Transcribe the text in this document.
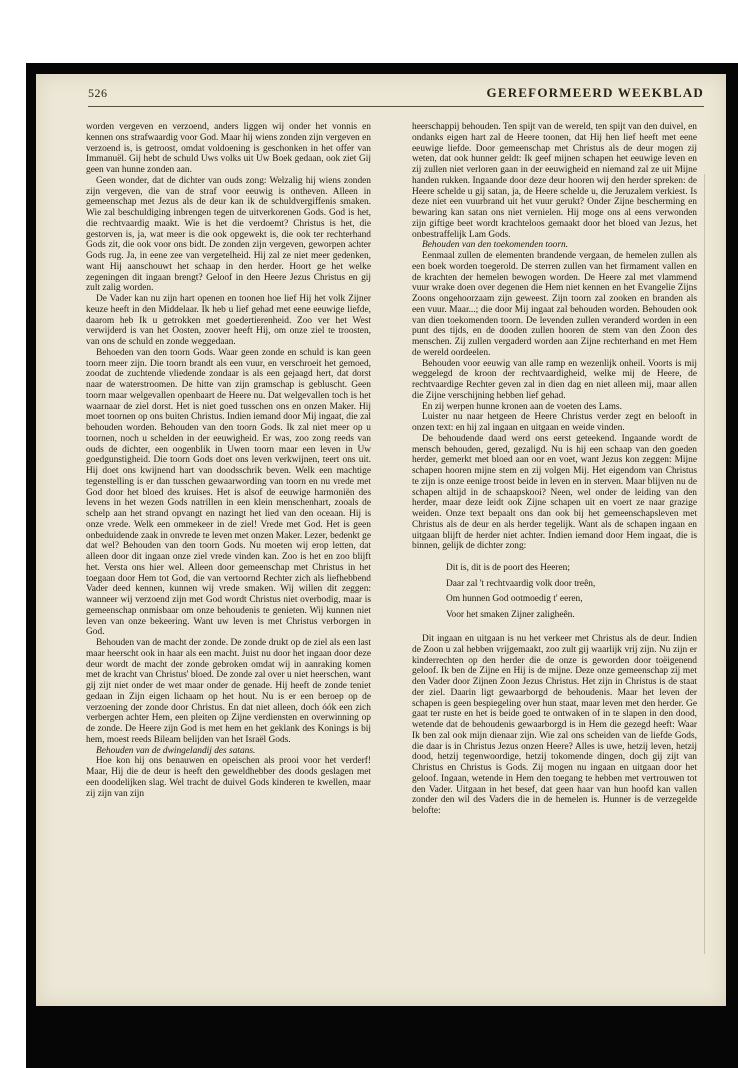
526	GEREFORMEERD WEEKBLAD

worden vergeven en verzoend, anders liggen wij onder het vonnis en kennen ons strafwaardig voor God. Maar hij wiens zonden zijn vergeven en verzoend is, is getroost, omdat voldoening is geschonken in het offer van Immanuël. Gij hebt de schuld Uws volks uit Uw Boek gedaan, ook ziet Gij geen van hunne zonden aan.

Geen wonder, dat de dichter van ouds zong: Welzalig hij wiens zonden zijn vergeven, die van de straf voor eeuwig is ontheven. Alleen in gemeenschap met Jezus als de deur kan ik de schuldvergiffenis smaken. Wie zal beschuldiging inbrengen tegen de uitverkorenen Gods. God is het, die rechtvaardig maakt. Wie is het die verdoemt? Christus is het, die gestorven is, ja, wat meer is die ook opgewekt is, die ook ter rechterhand Gods zit, die ook voor ons bidt. De zonden zijn vergeven, geworpen achter Gods rug. Ja, in eene zee van vergetelheid. Hij zal ze niet meer gedenken, want Hij aanschouwt het schaap in den herder. Hoort ge het welke zegeningen dit ingaan brengt? Geloof in den Heere Jezus Christus en gij zult zalig worden.

De Vader kan nu zijn hart openen en toonen hoe lief Hij het volk Zijner keuze heeft in den Middelaar. Ik heb u lief gehad met eene eeuwige liefde, daarom heb Ik u getrokken met goedertierenheid. Zoo ver het West verwijderd is van het Oosten, zoover heeft Hij, om onze ziel te troosten, van ons de schuld en zonde weggedaan.

Behoeden van den toorn Gods. Waar geen zonde en schuld is kan geen toorn meer zijn. Die toorn brandt als een vuur, en verschroeit het gemoed, zoodat de zuchtende vliedende zondaar is als een gejaagd hert, dat dorst naar de waterstroomen. De hitte van zijn gramschap is gebluscht. Geen toorn maar welgevallen openbaart de Heere nu. Dat welgevallen toch is het waarnaar de ziel dorst. Het is niet goed tusschen ons en onzen Maker. Hij moet toornen op ons buiten Christus. Indien iemand door Mij ingaat, die zal behouden worden. Behouden van den toorn Gods. Ik zal niet meer op u toornen, noch u schelden in der eeuwigheid. Er was, zoo zong reeds van ouds de dichter, een oogenblik in Uwen toorn maar een leven in Uw goedgunstigheid. Die toorn Gods doet ons leven verkwijnen, teert ons uit. Hij doet ons kwijnend hart van doodsschrik beven. Welk een machtige tegenstelling is er dan tusschen gewaarwording van toorn en nu vrede met God door het bloed des kruises. Het is alsof de eeuwige harmoniën des levens in het wezen Gods natrillen in een klein menschenhart, zooals de schelp aan het strand opvangt en nazingt het lied van den oceaan. Hij is onze vrede. Welk een ommekeer in de ziel! Vrede met God. Het is geen onbeduidende zaak in onvrede te leven met onzen Maker. Lezer, bedenkt ge dat wel? Behouden van den toorn Gods. Nu moeten wij erop letten, dat alleen door dit ingaan onze ziel vrede vinden kan. Zoo is het en zoo blijft het. Versta ons hier wel. Alleen door gemeenschap met Christus in het toegaan door Hem tot God, die van vertoornd Rechter zich als liefhebbend Vader deed kennen, kunnen wij vrede smaken. Wij willen dit zeggen: wanneer wij verzoend zijn met God wordt Christus niet overbodig, maar is gemeenschap onmisbaar om onze behoudenis te genieten. Wij kunnen niet leven van onze bekeering. Want uw leven is met Christus verborgen in God.

Behouden van de macht der zonde. De zonde drukt op de ziel als een last maar heerscht ook in haar als een macht. Juist nu door het ingaan door deze deur wordt de macht der zonde gebroken omdat wij in aanraking komen met de kracht van Christus' bloed. De zonde zal over u niet heerschen, want gij zijt niet onder de wet maar onder de genade. Hij heeft de zonde teniet gedaan in Zijn eigen lichaam op het hout. Nu is er een beroep op de verzoening der zonde door Christus. En dat niet alleen, doch óók een zich verbergen achter Hem, een pleiten op Zijne verdiensten en overwinning op de zonde. De Heere zijn God is met hem en het geklank des Konings is bij hem, moest reeds Bileam belijden van het Israël Gods.

Behouden van de dwingelandij des satans.

Hoe kon hij ons benauwen en opeischen als prooi voor het verderf! Maar, Hij die de deur is heeft den geweldhebber des doods geslagen met een doodelijken slag. Wel tracht de duivel Gods kinderen te kwellen, maar zij zijn van zijn

heerschappij behouden. Ten spijt van de wereld, ten spijt van den duivel, en ondanks eigen hart zal de Heere toonen, dat Hij hen lief heeft met eene eeuwige liefde. Door gemeenschap met Christus als de deur mogen zij weten, dat ook hunner geldt: Ik geef mijnen schapen het eeuwige leven en zij zullen niet verloren gaan in der eeuwigheid en niemand zal ze uit Mijne handen rukken. Ingaande door deze deur hooren wij den herder spreken: de Heere schelde u gij satan, ja, de Heere schelde u, die Jeruzalem verkiest. Is deze niet een vuurbrand uit het vuur gerukt? Onder Zijne bescherming en bewaring kan satan ons niet vernielen. Hij moge ons al eens verwonden zijn giftige beet wordt krachteloos gemaakt door het bloed van Jezus, het onbestraffelijk Lam Gods.

Behouden van den toekomenden toorn.

Eenmaal zullen de elementen brandende vergaan, de hemelen zullen als een boek worden toegerold. De sterren zullen van het firmament vallen en de krachten der hemelen bewogen worden. De Heere zal met vlammend vuur wrake doen over degenen die Hem niet kennen en het Evangelie Zijns Zoons ongehoorzaam zijn geweest. Zijn toorn zal zooken en branden als een vuur. Maar...; die door Mij ingaat zal behouden worden. Behouden ook van dien toekomenden toorn. De levenden zullen veranderd worden in een punt des tijds, en de dooden zullen hooren de stem van den Zoon des menschen. Zij zullen vergaderd worden aan Zijne rechterhand en met Hem de wereld oordeelen.

Behouden voor eeuwig van alle ramp en wezenlijk onheil. Voorts is mij weggelegd de kroon der rechtvaardigheid, welke mij de Heere, de rechtvaardige Rechter geven zal in dien dag en niet alleen mij, maar allen die Zijne verschijning hebben lief gehad.

En zij werpen hunne kronen aan de voeten des Lams.

Luister nu naar hetgeen de Heere Christus verder zegt en belooft in onzen text: en hij zal ingaan en uitgaan en weide vinden.

De behoudende daad werd ons eerst geteekend. Ingaande wordt de mensch behouden, gered, gezaligd. Nu is hij een schaap van den goeden herder, gemerkt met bloed aan oor en voet, want Jezus kon zeggen: Mijne schapen hooren mijne stem en zij volgen Mij. Het eigendom van Christus te zijn is onze eenige troost beide in leven en in sterven. Maar blijven nu de schapen altijd in de schaapskooi? Neen, wel onder de leiding van den herder, maar deze leidt ook Zijne schapen uit en voert ze naar grazige weiden. Onze text bepaalt ons dan ook bij het gemeenschapsleven met Christus als de deur en als herder tegelijk. Want als de schapen ingaan en uitgaan blijft de herder niet achter. Indien iemand door Hem ingaat, die is binnen, gelijk de dichter zong:

Dit is, dit is de poort des Heeren;
Daar zal 't rechtvaardig volk door treên,
Om hunnen God ootmoedig t' eeren,
Voor het smaken Zijner zaligheên.

Dit ingaan en uitgaan is nu het verkeer met Christus als de deur. Indien de Zoon u zal hebben vrijgemaakt, zoo zult gij waarlijk vrij zijn. Nu zijn er kinderrechten op den herder die de onze is geworden door toëigenend geloof. Ik ben de Zijne en Hij is de mijne. Deze onze gemeenschap zij met den Vader door Zijnen Zoon Jezus Christus. Het zijn in Christus is de staat der ziel. Daarin ligt gewaarborgd de behoudenis. Maar het leven der schapen is geen bespiegeling over hun staat, maar leven met den herder. Ge gaat ter ruste en het is beide goed te ontwaken of in te slapen in den dood, wetende dat de behoudenis gewaarborgd is in Hem die gezegd heeft: Waar Ik ben zal ook mijn dienaar zijn. Wie zal ons scheiden van de liefde Gods, die daar is in Christus Jezus onzen Heere? Alles is uwe, hetzij leven, hetzij dood, hetzij tegenwoordige, hetzij tokomende dingen, doch gij zijt van Christus en Christus is Gods. Zij mogen nu ingaan en uitgaan door het geloof. Ingaan, wetende in Hem den toegang te hebben met vertrouwen tot den Vader. Uitgaan in het besef, dat geen haar van hun hoofd kan vallen zonder den wil des Vaders die in de hemelen is. Hunner is de verzegelde belofte:
